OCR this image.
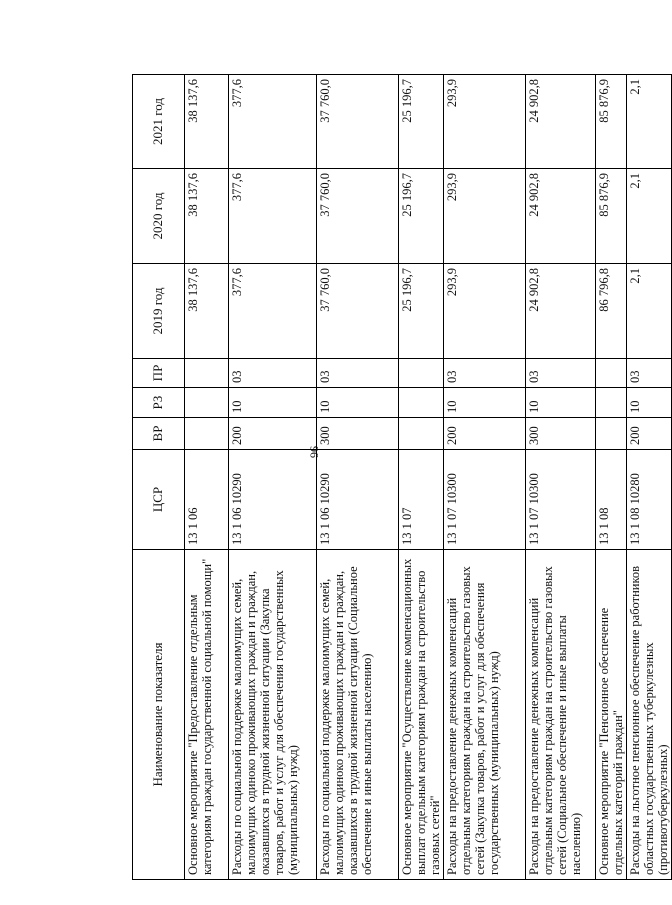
96
Наименование показателя	ЦСР	ВР	РЗ	ПР	2019 год	2020 год	2021 год
Основное мероприятие "Предоставление отдельным категориям граждан государственной социальной помощи"	13 1 06				38 137,6	38 137,6	38 137,6
Расходы по социальной поддержке малоимущих семей, малоимущих одиноко проживающих граждан и граждан, оказавшихся в трудной жизненной ситуации (Закупка товаров, работ и услуг для обеспечения государственных (муниципальных) нужд)	13 1 06 10290	200	10	03	377,6	377,6	377,6
Расходы по социальной поддержке малоимущих семей, малоимущих одиноко проживающих граждан и граждан, оказавшихся в трудной жизненной ситуации (Социальное обеспечение и иные выплаты населению)	13 1 06 10290	300	10	03	37 760,0	37 760,0	37 760,0
Основное мероприятие "Осуществление компенсационных выплат отдельным категориям граждан на строительство газовых сетей"	13 1 07				25 196,7	25 196,7	25 196,7
Расходы на предоставление денежных компенсаций отдельным категориям граждан на строительство газовых сетей (Закупка товаров, работ и услуг для обеспечения государственных (муниципальных) нужд)	13 1 07 10300	200	10	03	293,9	293,9	293,9
Расходы на предоставление денежных компенсаций отдельным категориям граждан на строительство газовых сетей (Социальное обеспечение и иные выплаты населению)	13 1 07 10300	300	10	03	24 902,8	24 902,8	24 902,8
Основное мероприятие "Пенсионное обеспечение отдельных категорий граждан"	13 1 08				86 796,8	85 876,9	85 876,9
Расходы на льготное пенсионное обеспечение работников областных государственных туберкулезных (противотуберкулезных)	13 1 08 10280	200	10	03	2,1	2,1	2,1
